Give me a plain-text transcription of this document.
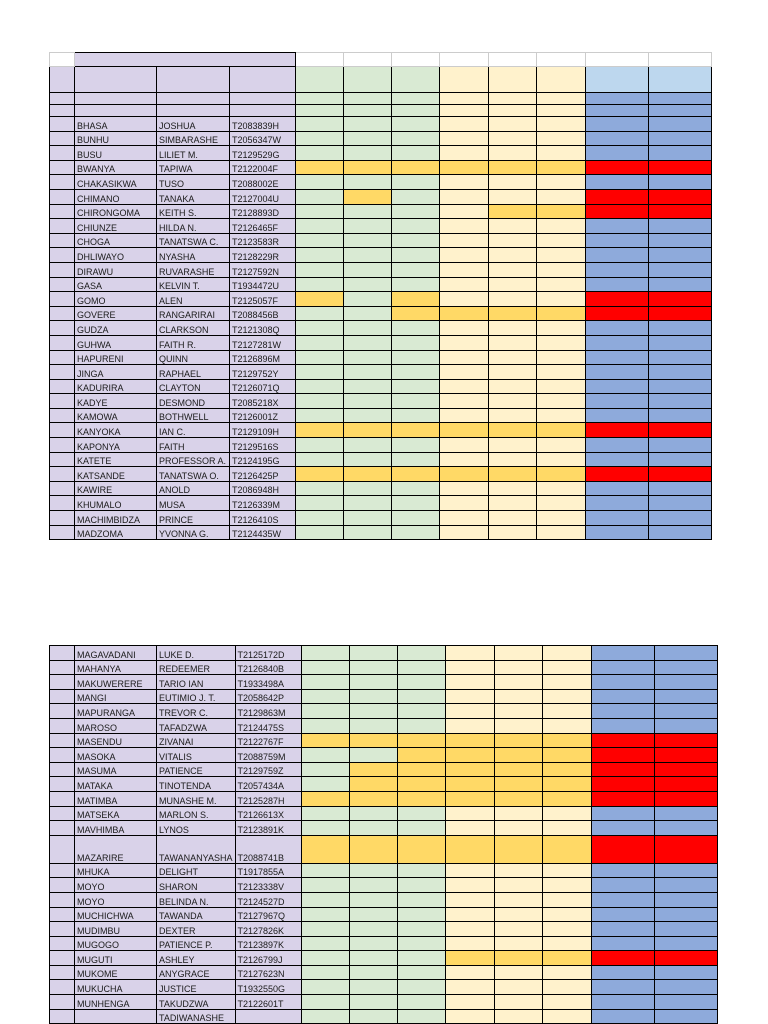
	BHASA	JOSHUA	T2083839H								
	BUNHU	SIMBARASHE	T2056347W								
	BUSU	LILIET M.	T2129529G								
	BWANYA	TAPIWA	T2122004F								
	CHAKASIKWA	TUSO	T2088002E								
	CHIMANO	TANAKA	T2127004U								
	CHIRONGOMA	KEITH S.	T2128893D								
	CHIUNZE	HILDA N.	T2126465F								
	CHOGA	TANATSWA C.	T2123583R								
	DHLIWAYO	NYASHA	T2128229R								
	DIRAWU	RUVARASHE	T2127592N								
	GASA	KELVIN T.	T1934472U								
	GOMO	ALEN	T2125057F								
	GOVERE	RANGARIRAI	T2088456B								
	GUDZA	CLARKSON	T2121308Q								
	GUHWA	FAITH R.	T2127281W								
	HAPURENI	QUINN	T2126896M								
	JINGA	RAPHAEL	T2129752Y								
	KADURIRA	CLAYTON	T2126071Q								
	KADYE	DESMOND	T2085218X								
	KAMOWA	BOTHWELL	T2126001Z								
	KANYOKA	IAN C.	T2129109H								
	KAPONYA	FAITH	T2129516S								
	KATETE	PROFESSOR A.	T2124195G								
	KATSANDE	TANATSWA O.	T2126425P								
	KAWIRE	ANOLD	T2086948H								
	KHUMALO	MUSA	T2126339M								
	MACHIMBIDZA	PRINCE	T2126410S								
	MADZOMA	YVONNA G.	T2124435W								
	MAGAVADANI	LUKE D.	T2125172D								
	MAHANYA	REDEEMER	T2126840B								
	MAKUWERERE	TARIO IAN	T1933498A								
	MANGI	EUTIMIO J. T.	T2058642P								
	MAPURANGA	TREVOR C.	T2129863M								
	MAROSO	TAFADZWA	T2124475S								
	MASENDU	ZIVANAI	T2122767F								
	MASOKA	VITALIS	T2088759M								
	MASUMA	PATIENCE	T2129759Z								
	MATAKA	TINOTENDA	T2057434A								
	MATIMBA	MUNASHE M.	T2125287H								
	MATSEKA	MARLON S.	T2126613X								
	MAVHIMBA	LYNOS	T2123891K								
	MAZARIRE	TAWANANYASHA	T2088741B								
	MHUKA	DELIGHT	T1917855A								
	MOYO	SHARON	T2123338V								
	MOYO	BELINDA N.	T2124527D								
	MUCHICHWA	TAWANDA	T2127967Q								
	MUDIMBU	DEXTER	T2127826K								
	MUGOGO	PATIENCE P.	T2123897K								
	MUGUTI	ASHLEY	T2126799J								
	MUKOME	ANYGRACE	T2127623N								
	MUKUCHA	JUSTICE	T1932550G								
	MUNHENGA	TAKUDZWA	T2122601T								
		TADIWANASHE									
